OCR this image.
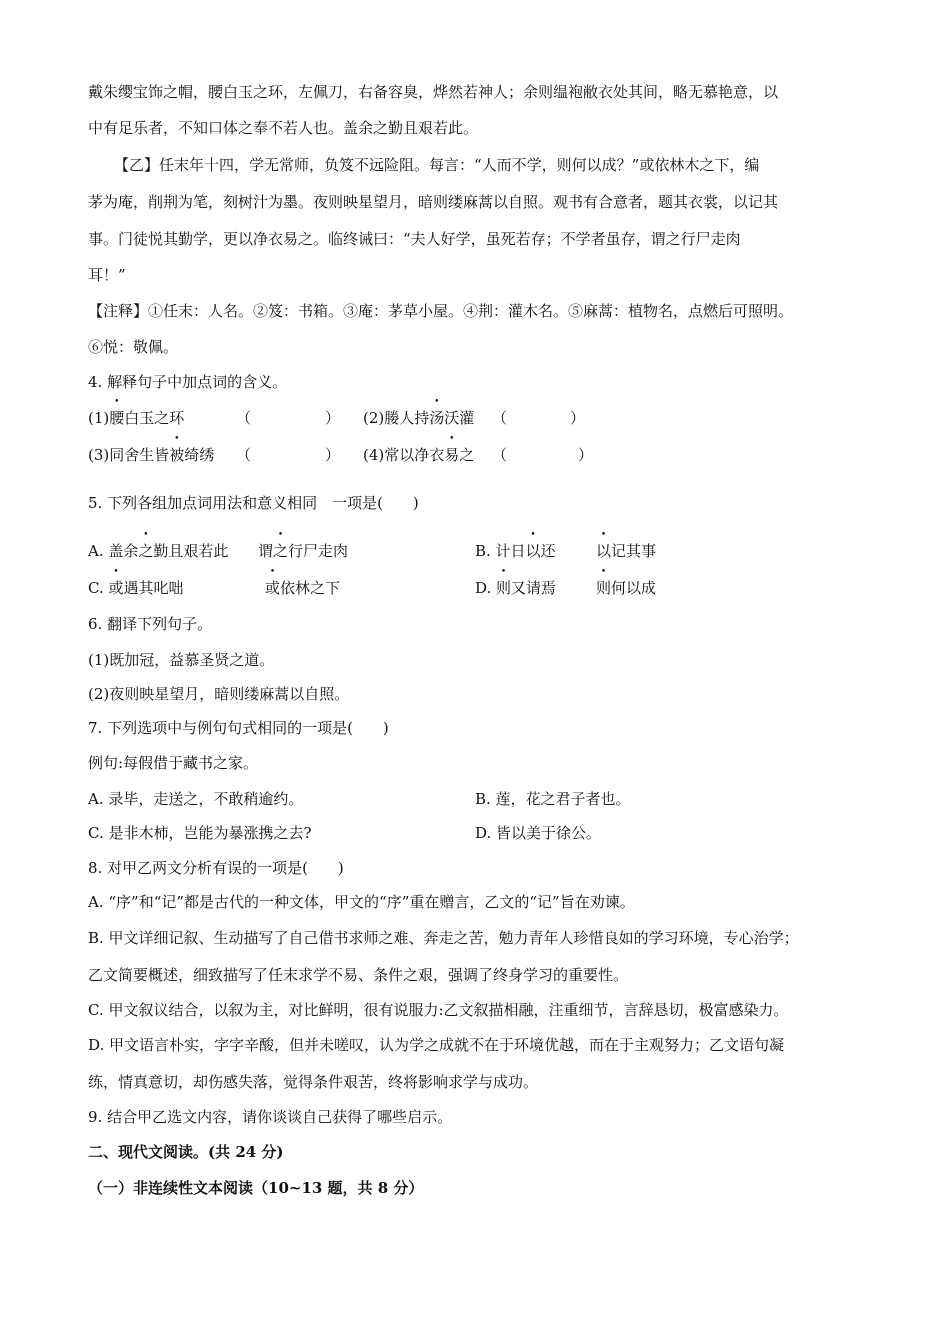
戴朱缨宝饰之帽，腰白玉之环，左佩刀，右备容臭，烨然若神人；余则缊袍敝衣处其间，略无慕艳意，以
中有足乐者，不知口体之奉不若人也。盖余之勤且艰若此。
【乙】任末年十四，学无常师，负笈不远险阻。每言：“人而不学，则何以成？”或依林木之下，编
茅为庵，削荆为笔，刻树汁为墨。夜则映星望月，暗则缕麻蒿以自照。观书有合意者，题其衣裳，以记其
事。门徒悦其勤学，更以净衣易之。临终诫曰：“夫人好学，虽死若存；不学者虽存，谓之行尸走肉
耳！”
【注释】①任末：人名。②笈：书箱。③庵：茅草小屋。④荆：灌木名。⑤麻蒿：植物名，点燃后可照明。
⑥悦：敬佩。
4. 解释句子中加点词的含义。
(1)腰白玉之环	（	） (2)媵人持汤沃灌 （	）
(3)同舍生皆被绮绣 （	） (4)常以净衣易之 （	）
5. 下列各组加点词用法和意义相同　一项是(　　)
A. 盖余之勤且艰若此 谓之行尸走肉	B. 计日以还	以记其事
C. 或遇其叱咄	或依林之下	D. 则又请焉	则何以成
6. 翻译下列句子。
(1)既加冠，益慕圣贤之道。
(2)夜则映星望月，暗则缕麻蒿以自照。
7. 下列选项中与例句句式相同的一项是(　　)
例句:每假借于藏书之家。
A. 录毕，走送之，不敢稍逾约。	B. 莲，花之君子者也。
C. 是非木柿，岂能为暴涨携之去?	D. 皆以美于徐公。
8. 对甲乙两文分析有误的一项是(　　)
A. “序”和“记”都是古代的一种文体，甲文的“序”重在赠言，乙文的“记”旨在劝谏。
B. 甲文详细记叙、生动描写了自己借书求师之难、奔走之苦，勉力青年人珍惜良如的学习环境，专心治学；
乙文简要概述，细致描写了任末求学不易、条件之艰，强调了终身学习的重要性。
C. 甲文叙议结合，以叙为主，对比鲜明，很有说服力:乙文叙描相融，注重细节，言辞恳切，极富感染力。
D. 甲文语言朴实，字字辛酸，但并未嗟叹，认为学之成就不在于环境优越，而在于主观努力；乙文语句凝
练，情真意切，却伤感失落，觉得条件艰苦，终将影响求学与成功。
9. 结合甲乙选文内容，请你谈谈自己获得了哪些启示。
二、现代文阅读。(共 24 分)
（一）非连续性文本阅读（10~13 题，共 8 分）
